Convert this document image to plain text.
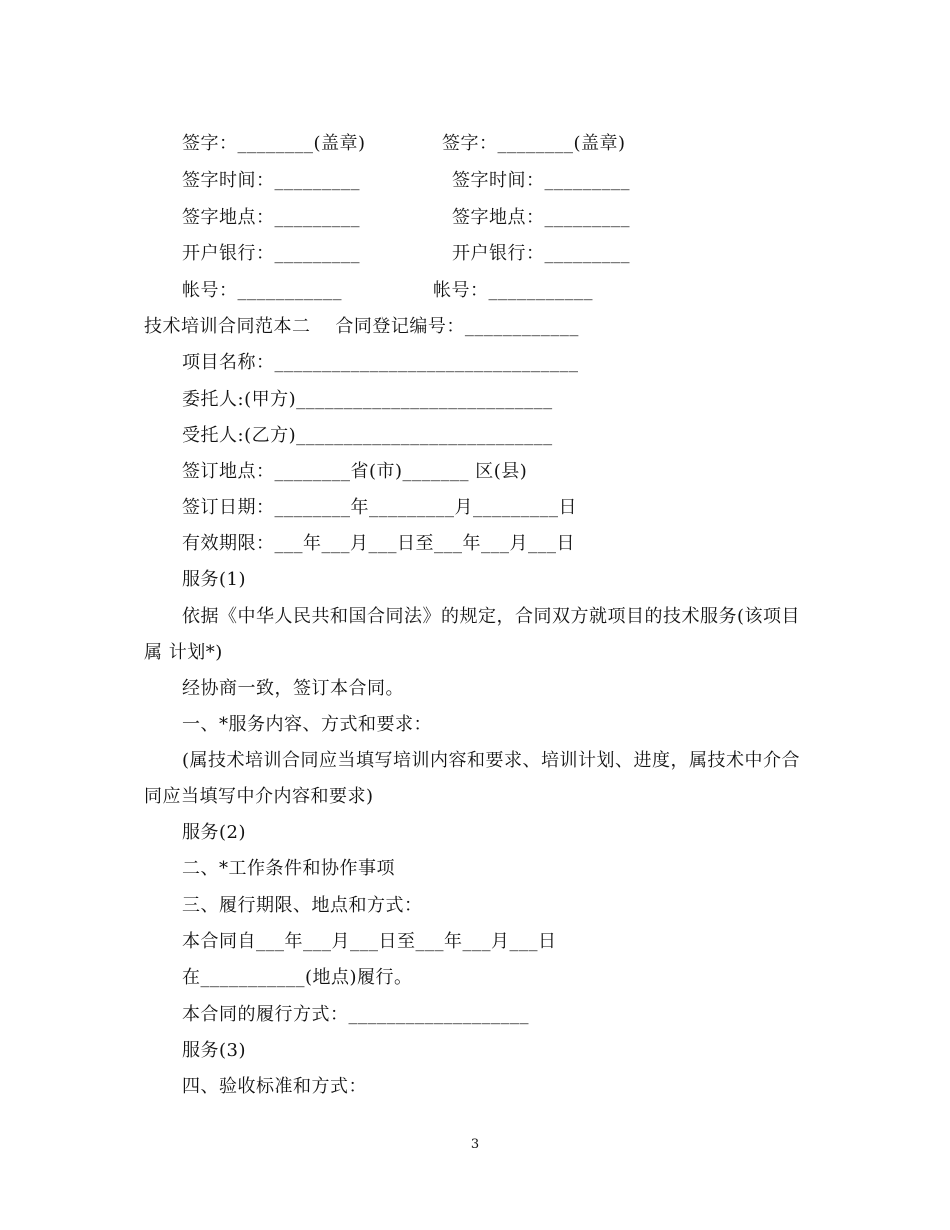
签字：________(盖章)
签字时间：_________
签字地点：_________
开户银行：_________
帐号：___________
签字：________(盖章)
签字时间：_________
签字地点：_________
开户银行：_________
帐号：___________
技术培训合同范本二    合同登记编号：____________
项目名称：________________________________
委托人:(甲方)___________________________
受托人:(乙方)___________________________
签订地点：________省(市)_______ 区(县)
签订日期：________年_________月_________日
有效期限：___年___月___日至___年___月___日
服务(1)
依据《中华人民共和国合同法》的规定，合同双方就项目的技术服务(该项目
属 计划*)
经协商一致，签订本合同。
一、*服务内容、方式和要求：
(属技术培训合同应当填写培训内容和要求、培训计划、进度，属技术中介合
同应当填写中介内容和要求)
服务(2)
二、*工作条件和协作事项
三、履行期限、地点和方式：
本合同自___年___月___日至___年___月___日
在___________(地点)履行。
本合同的履行方式：___________________
服务(3)
四、验收标准和方式：
3
